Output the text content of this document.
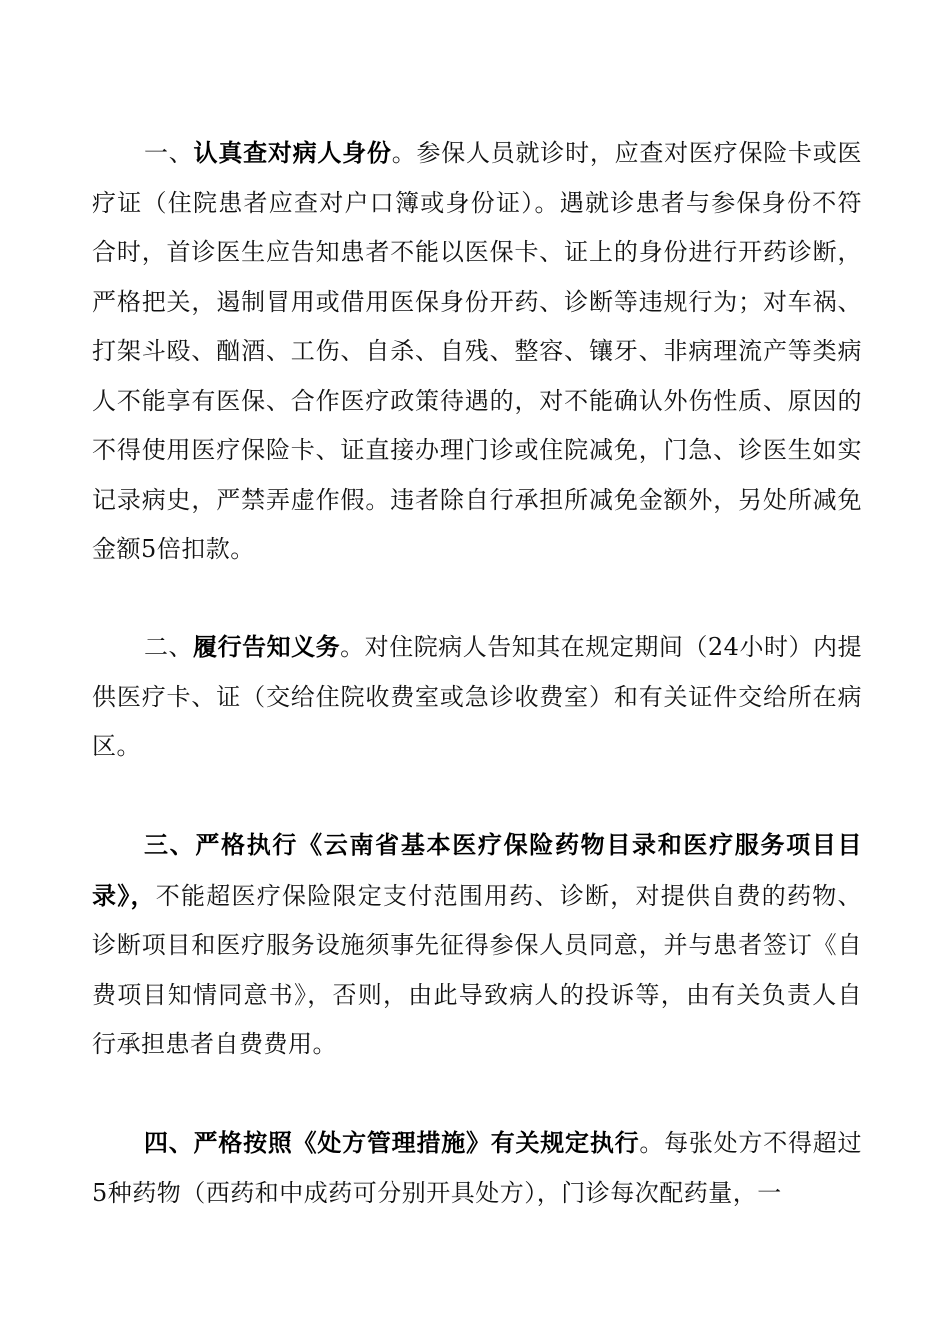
一、认真查对病人身份。参保人员就诊时，应查对医疗保险卡或医疗证（住院患者应查对户口簿或身份证）。遇就诊患者与参保身份不符合时，首诊医生应告知患者不能以医保卡、证上的身份进行开药诊断，严格把关，遏制冒用或借用医保身份开药、诊断等违规行为；对车祸、打架斗殴、酗酒、工伤、自杀、自残、整容、镶牙、非病理流产等类病人不能享有医保、合作医疗政策待遇的，对不能确认外伤性质、原因的不得使用医疗保险卡、证直接办理门诊或住院减免，门急、诊医生如实记录病史，严禁弄虚作假。违者除自行承担所减免金额外，另处所减免金额5倍扣款。

二、履行告知义务。对住院病人告知其在规定期间（24小时）内提供医疗卡、证（交给住院收费室或急诊收费室）和有关证件交给所在病区。

三、严格执行《云南省基本医疗保险药物目录和医疗服务项目目录》，不能超医疗保险限定支付范围用药、诊断，对提供自费的药物、诊断项目和医疗服务设施须事先征得参保人员同意，并与患者签订《自费项目知情同意书》，否则，由此导致病人的投诉等，由有关负责人自行承担患者自费费用。

四、严格按照《处方管理措施》有关规定执行。每张处方不得超过5种药物（西药和中成药可分别开具处方），门诊每次配药量，一
